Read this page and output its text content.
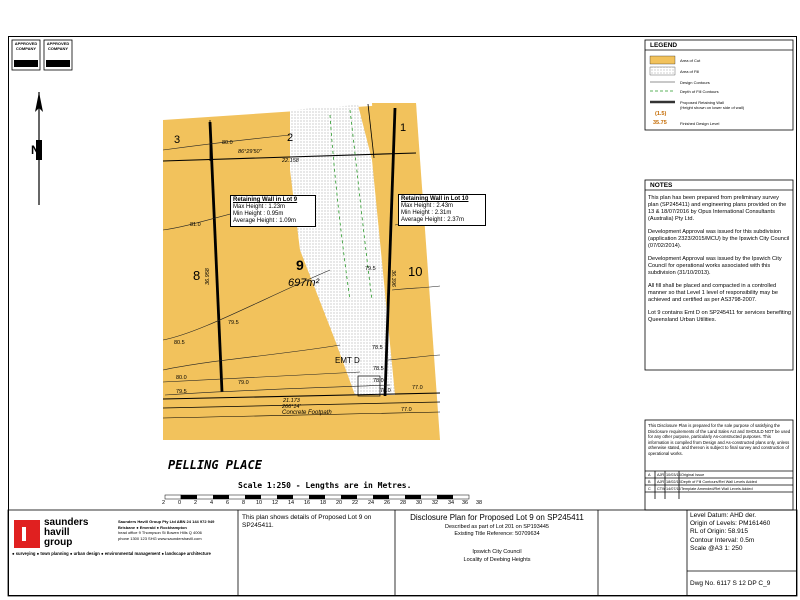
APPROVED COMPANY
APPROVED COMPANY
N
3	2
1
8	10
9
697m²
EMT D
86°29'50"
22.158
36.958	36.396
21.173
266°14'
Concrete Footpath
PELLING PLACE
80.0
81.0
80.5
79.5
79.5
80.0
79.5
79.0
78.5
78.0
77.0
78.5
78.0	77.0
Retaining Wall in Lot 9
Max Height : 1.23m
Min Height : 0.95m
Average Height : 1.09m
Retaining Wall in Lot 10
Max Height : 2.43m
Min Height : 2.31m
Average Height : 2.37m
Scale 1:250 - Lengths are in Metres.
2 0 2 4 6 8 10 12 14 16 18 20 22 24 26 28 30 32 34 36 38
LEGEND
Area of Cut
Area of Fill
Design Contours
Depth of Fill Contours
Proposed Retaining Wall
(Height shown on lower side of wall)
(1.5)
35.75	Finished Design Level
NOTES

This plan has been prepared from preliminary survey plan (SP245411) and engineering plans provided on the 13 & 18/07/2016 by Opus International Consultants (Australia) Pty Ltd.

Development Approval was issued for this subdivision (application 2323/2015/MCU) by the Ipswich City Council (07/02/2014).

Development Approval was issued by the Ipswich City Council for operational works associated with this subdivision (31/10/2013).

All fill shall be placed and compacted in a controlled manner so that Level 1 level of responsibility may be achieved and certified as per AS3798-2007.

Lot 9 contains Emt D on SP245411 for services benefiting Queensland Urban Utilities.

This Disclosure Plan is prepared for the sole purpose of satisfying the Disclosure requirements of the Land Sales Act and SHOULD NOT be used for any other purpose, particularly As-constructed purposes. This information is compiled from Design and As-constructed plans only, unless otherwise stated, and thereon is subject to final survey and construction of operational works.
A AJR 10/03/14 Original Issue
B AJR 18/02/15 Depth of Fill Contours/Ret Wall Levels Added
C CTW 14/07/16 Template Amended/Ret Wall Levels Added
saunders
havill
group
Saunders Havill Group Pty Ltd ABN 24 144 972 949
Brisbane ● Emerald ● Rockhampton
head office 9 Thompson St Bowen Hills Q 4006
phone 1300 123 SHG www.saundershavill.com
● surveying ● town planning ● urban design ● environmental management ● landscape architecture
This plan shows details of Proposed Lot 9 on SP245411.
Disclosure Plan for Proposed Lot 9 on SP245411
Described as part of Lot 201 on SP193445
Existing Title Reference: 50709634
Ipswich City Council
Locality of Deebing Heights
Level Datum: AHD der.
Origin of Levels: PM161460
RL of Origin: 58.915
Contour Interval: 0.5m
Scale @A3 1: 250
Dwg No. 6117 S 12 DP C_9
